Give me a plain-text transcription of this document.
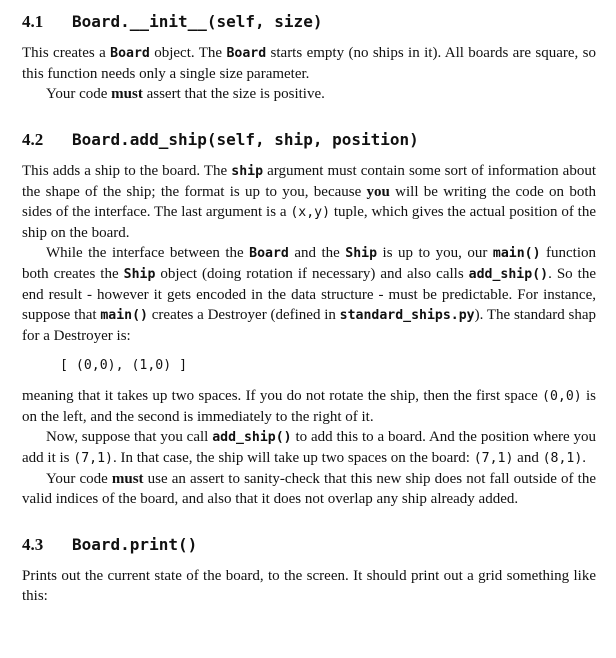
4.1 Board.__init__(self, size)

This creates a Board object. The Board starts empty (no ships in it). All boards are square, so this function needs only a single size parameter.

Your code must assert that the size is positive.

4.2 Board.add_ship(self, ship, position)

This adds a ship to the board. The ship argument must contain some sort of information about the shape of the ship; the format is up to you, because you will be writing the code on both sides of the interface. The last argument is a (x,y) tuple, which gives the actual position of the ship on the board.

While the interface between the Board and the Ship is up to you, our main() function both creates the Ship object (doing rotation if necessary) and also calls add_ship(). So the end result - however it gets encoded in the data structure - must be predictable. For instance, suppose that main() creates a Destroyer (defined in standard_ships.py). The standard shap for a Destroyer is:

[ (0,0), (1,0) ]

meaning that it takes up two spaces. If you do not rotate the ship, then the first space (0,0) is on the left, and the second is immediately to the right of it.

Now, suppose that you call add_ship() to add this to a board. And the position where you add it is (7,1). In that case, the ship will take up two spaces on the board: (7,1) and (8,1).

Your code must use an assert to sanity-check that this new ship does not fall outside of the valid indices of the board, and also that it does not overlap any ship already added.

4.3 Board.print()

Prints out the current state of the board, to the screen. It should print out a grid something like this:
